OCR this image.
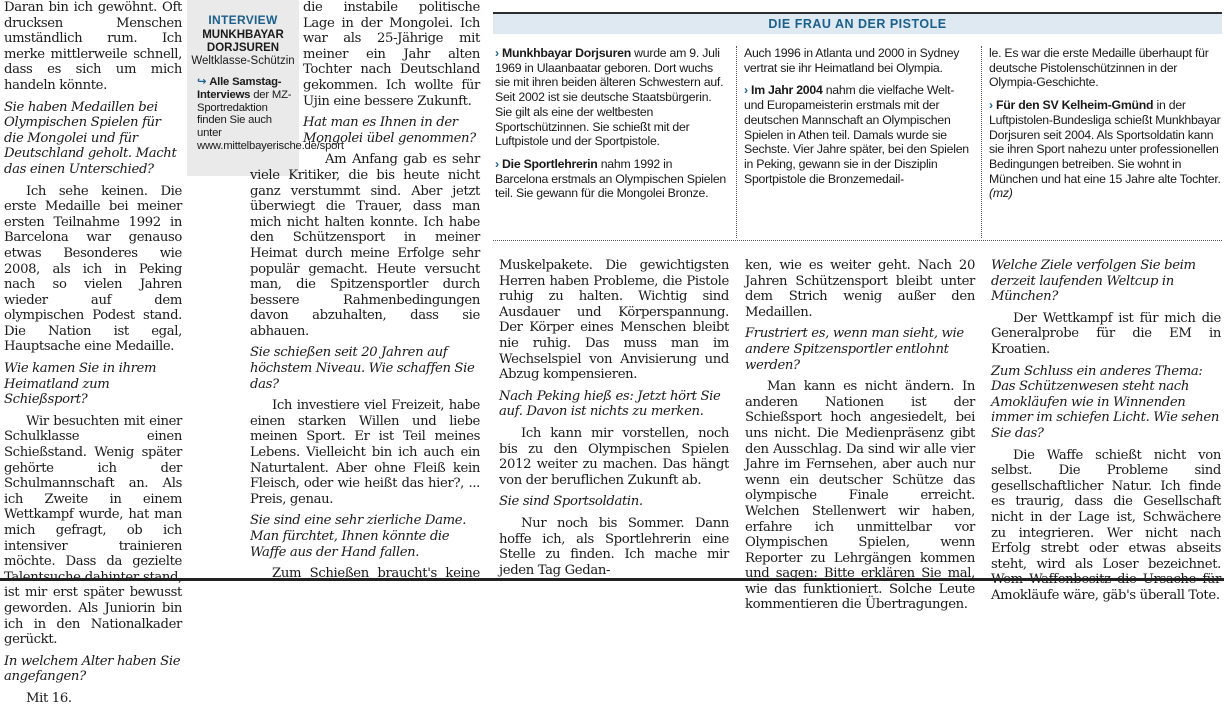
Daran bin ich gewöhnt. Oft drucksen Menschen umständlich rum. Ich merke mittlerweile schnell, dass es sich um mich handeln könnte.

Sie haben Medaillen bei Olympischen Spielen für die Mongolei und für Deutschland geholt. Macht das einen Unterschied?

Ich sehe keinen. Die erste Medaille bei meiner ersten Teilnahme 1992 in Barcelona war genauso etwas Besonderes wie 2008, als ich in Peking nach so vielen Jahren wieder auf dem olympischen Podest stand. Die Nation ist egal, Hauptsache eine Medaille.

Wie kamen Sie in ihrem Heimatland zum Schießsport?

Wir besuchten mit einer Schulklasse einen Schießstand. Wenig später gehörte ich der Schulmannschaft an. Als ich Zweite in einem Wettkampf wurde, hat man mich gefragt, ob ich intensiver trainieren möchte. Dass da gezielte Talentsuche dahinter stand, ist mir erst später bewusst geworden. Als Juniorin bin ich in den Nationalkader gerückt.

In welchem Alter haben Sie angefangen?

Mit 16.

INTERVIEW
MUNKHBAYAR
DORJSUREN
Weltklasse-Schützin
↪ Alle Samstag-Interviews der MZ-Sportredaktion finden Sie auch unter www.mittelbayerische.de/sport

die instabile politische Lage in der Mongolei. Ich war als 25-Jährige mit meiner ein Jahr alten Tochter nach Deutschland gekommen. Ich wollte für Ujin eine bessere Zukunft.

Hat man es Ihnen in der Mongolei übel genommen?

Am Anfang gab es sehr viele Kritiker, die bis heute nicht ganz verstummt sind. Aber jetzt überwiegt die Trauer, dass man mich nicht halten konnte. Ich habe den Schützensport in meiner Heimat durch meine Erfolge sehr populär gemacht. Heute versucht man, die Spitzensportler durch bessere Rahmenbedingungen davon abzuhalten, dass sie abhauen.

Sie schießen seit 20 Jahren auf höchstem Niveau. Wie schaffen Sie das?

Ich investiere viel Freizeit, habe einen starken Willen und liebe meinen Sport. Er ist Teil meines Lebens. Vielleicht bin ich auch ein Naturtalent. Aber ohne Fleiß kein Fleisch, oder wie heißt das hier?, ... Preis, genau.

Sie sind eine sehr zierliche Dame. Man fürchtet, Ihnen könnte die Waffe aus der Hand fallen.

Zum Schießen braucht's keine

DIE FRAU AN DER PISTOLE

› Munkhbayar Dorjsuren wurde am 9. Juli 1969 in Ulaanbaatar geboren. Dort wuchs sie mit ihren beiden älteren Schwestern auf. Seit 2002 ist sie deutsche Staatsbürgerin. Sie gilt als eine der weltbesten Sportschützinnen. Sie schießt mit der Luftpistole und der Sportpistole.

› Die Sportlehrerin nahm 1992 in Barcelona erstmals an Olympischen Spielen teil. Sie gewann für die Mongolei Bronze.

Auch 1996 in Atlanta und 2000 in Sydney vertrat sie ihr Heimatland bei Olympia.

› Im Jahr 2004 nahm die vielfache Welt- und Europameisterin erstmals mit der deutschen Mannschaft an Olympischen Spielen in Athen teil. Damals wurde sie Sechste. Vier Jahre später, bei den Spielen in Peking, gewann sie in der Disziplin Sportpistole die Bronzemedail-

le. Es war die erste Medaille überhaupt für deutsche Pistolenschützinnen in der Olympia-Geschichte.

› Für den SV Kelheim-Gmünd in der Luftpistolen-Bundesliga schießt Munkhbayar Dorjsuren seit 2004. Als Sportsoldatin kann sie ihren Sport nahezu unter professionellen Bedingungen betreiben. Sie wohnt in München und hat eine 15 Jahre alte Tochter. (mz)

Muskelpakete. Die gewichtigsten Herren haben Probleme, die Pistole ruhig zu halten. Wichtig sind Ausdauer und Körperspannung. Der Körper eines Menschen bleibt nie ruhig. Das muss man im Wechselspiel von Anvisierung und Abzug kompensieren.

Nach Peking hieß es: Jetzt hört Sie auf. Davon ist nichts zu merken.

Ich kann mir vorstellen, noch bis zu den Olympischen Spielen 2012 weiter zu machen. Das hängt von der beruflichen Zukunft ab.

Sie sind Sportsoldatin.

Nur noch bis Sommer. Dann hoffe ich, als Sportlehrerin eine Stelle zu finden. Ich mache mir jeden Tag Gedan-

ken, wie es weiter geht. Nach 20 Jahren Schützensport bleibt unter dem Strich wenig außer den Medaillen.

Frustriert es, wenn man sieht, wie andere Spitzensportler entlohnt werden?

Man kann es nicht ändern. In anderen Nationen ist der Schießsport hoch angesiedelt, bei uns nicht. Die Medienpräsenz gibt den Ausschlag. Da sind wir alle vier Jahre im Fernsehen, aber auch nur wenn ein deutscher Schütze das olympische Finale erreicht. Welchen Stellenwert wir haben, erfahre ich unmittelbar vor Olympischen Spielen, wenn Reporter zu Lehrgängen kommen und sagen: Bitte erklären Sie mal, wie das funktioniert. Solche Leute kommentieren die Übertragungen.

Welche Ziele verfolgen Sie beim derzeit laufenden Weltcup in München?

Der Wettkampf ist für mich die Generalprobe für die EM in Kroatien.

Zum Schluss ein anderes Thema: Das Schützenwesen steht nach Amokläufen wie in Winnenden immer im schiefen Licht. Wie sehen Sie das?

Die Waffe schießt nicht von selbst. Die Probleme sind gesellschaftlicher Natur. Ich finde es traurig, dass die Gesellschaft nicht in der Lage ist, Schwächere zu integrieren. Wer nicht nach Erfolg strebt oder etwas abseits steht, wird als Loser bezeichnet. Wem Waffenbesitz die Ursache für Amokläufe wäre, gäb's überall Tote.
